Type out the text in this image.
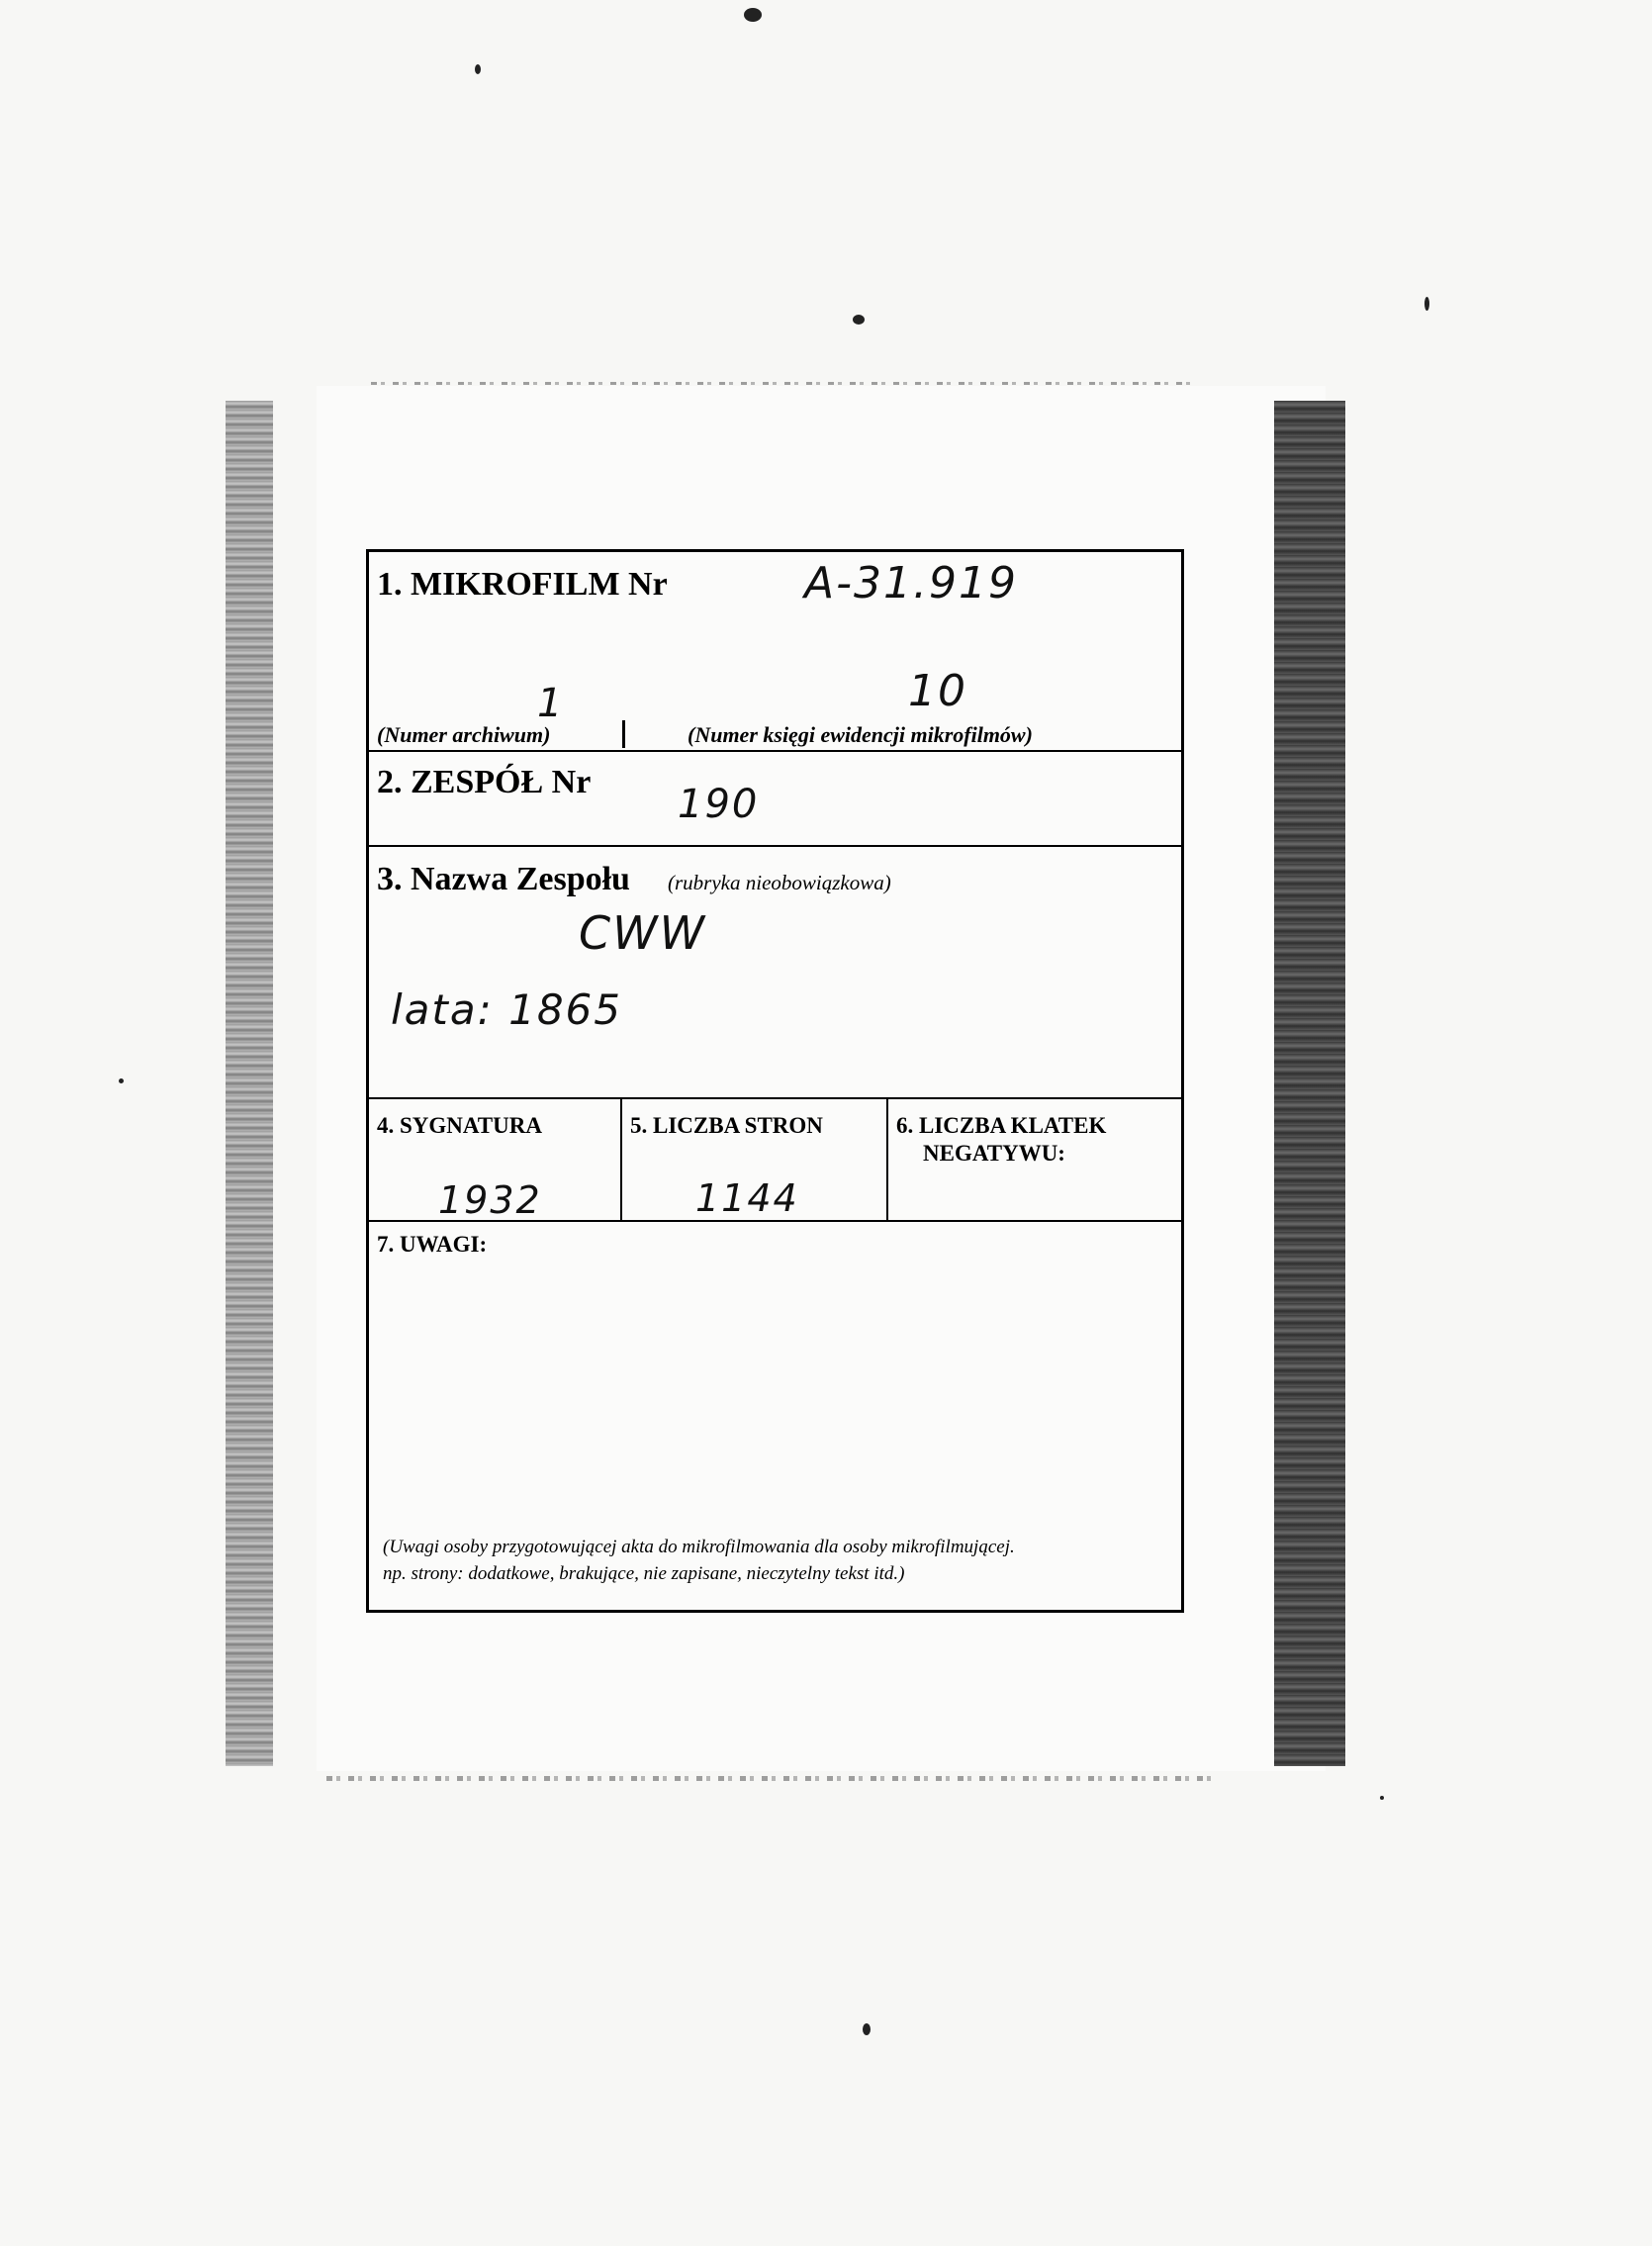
1. MIKROFILM Nr	A-31.919
1
(Numer archiwum)
10
(Numer księgi ewidencji mikrofilmów)
2. ZESPÓŁ Nr 190
3. Nazwa Zespołu (rubryka nieobowiązkowa)
CWW
lata: 1865
4. SYGNATURA
1932
5. LICZBA STRON
1144
6. LICZBA KLATEK
NEGATYWU:
7. UWAGI:
(Uwagi osoby przygotowującej akta do mikrofilmowania dla osoby mikrofilmującej.
np. strony: dodatkowe, brakujące, nie zapisane, nieczytelny tekst itd.)
